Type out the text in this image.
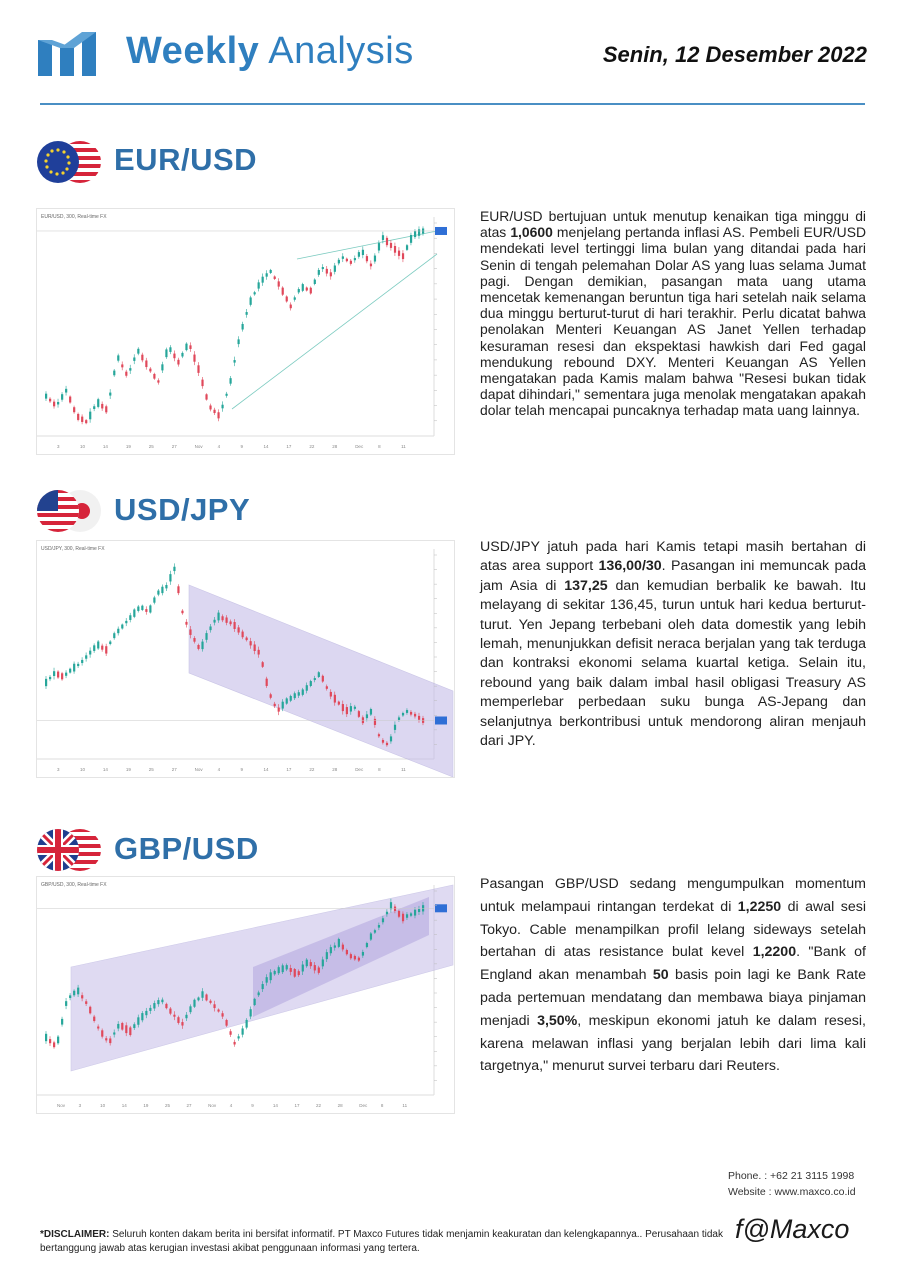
Weekly Analysis	Senin, 12 Desember 2022
EUR/USD
EUR/USD, 300, Real-time FX
3	10	14	19	25	27	Nov	4	9	14	17	22	28	Dec	8	11
EUR/USD bertujuan untuk menutup kenaikan tiga minggu di atas 1,0600 menjelang pertanda inflasi AS. Pembeli EUR/USD mendekati level tertinggi lima bulan yang ditandai pada hari Senin di tengah pelemahan Dolar AS yang luas selama Jumat pagi. Dengan demikian, pasangan mata uang utama mencetak kemenangan beruntun tiga hari setelah naik selama dua minggu berturut-turut di hari terakhir. Perlu dicatat bahwa penolakan Menteri Keuangan AS Janet Yellen terhadap kesuraman resesi dan ekspektasi hawkish dari Fed gagal mendukung rebound DXY. Menteri Keuangan AS Yellen mengatakan pada Kamis malam bahwa "Resesi bukan tidak dapat dihindari," sementara juga menolak mengatakan apakah dolar telah mencapai puncaknya terhadap mata uang lainnya.
USD/JPY
USD/JPY, 300, Real-time FX
3	10	14	19	25	27	Nov	4	9	14	17	22	28	Dec	8	11
USD/JPY jatuh pada hari Kamis tetapi masih bertahan di atas area support 136,00/30. Pasangan ini memuncak pada jam Asia di 137,25 dan kemudian berbalik ke bawah. Itu melayang di sekitar 136,45, turun untuk hari kedua berturut-turut. Yen Jepang terbebani oleh data domestik yang lebih lemah, menunjukkan defisit neraca berjalan yang tak terduga dan kontraksi ekonomi selama kuartal ketiga. Selain itu, rebound yang baik dalam imbal hasil obligasi Treasury AS memperlebar perbedaan suku bunga AS-Jepang dan selanjutnya berkontribusi untuk mendorong aliran menjauh dari JPY.
GBP/USD
GBP/USD, 300, Real-time FX
Nov	3	10	14	19	25	27	Nov	4	9	14	17	22	28	Dec	8	11
Pasangan GBP/USD sedang mengumpulkan momentum untuk melampaui rintangan terdekat di 1,2250 di awal sesi Tokyo. Cable menampilkan profil lelang sideways setelah bertahan di atas resistance bulat kevel 1,2200. "Bank of England akan menambah 50 basis poin lagi ke Bank Rate pada pertemuan mendatang dan membawa biaya pinjaman menjadi 3,50%, meskipun ekonomi jatuh ke dalam resesi, karena melawan inflasi yang berjalan lebih dari lima kali targetnya," menurut survei terbaru dari Reuters.
Phone. : +62 21 3115 1998
Website : www.maxco.co.id
*DISCLAIMER: Seluruh konten dakam berita ini bersifat informatif. PT Maxco Futures tidak menjamin keakuratan dan kelengkapannya.. Perusahaan tidak bertanggung jawab atas kerugian investasi akibat penggunaan informasi yang tertera.
f@Maxco
